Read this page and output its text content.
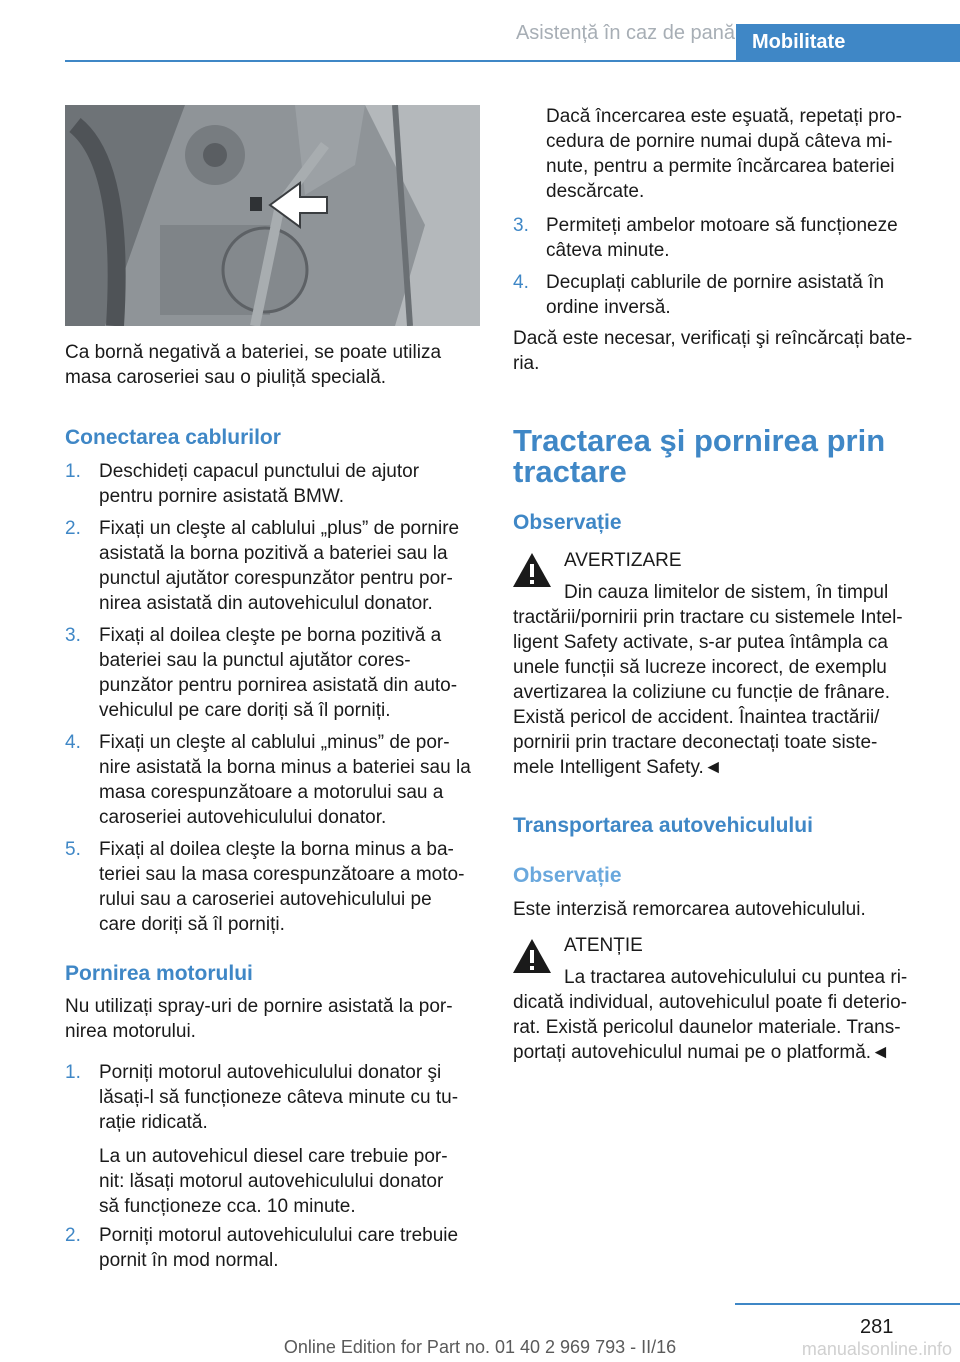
Asistență în caz de pană Mobilitate
Ca bornă negativă a bateriei, se poate utiliza
masa caroseriei sau o piuliță specială.
Conectarea cablurilor
1. Deschideți capacul punctului de ajutor
pentru pornire asistată BMW.
2. Fixați un cleşte al cablului „plus” de pornire
asistată la borna pozitivă a bateriei sau la
punctul ajutător corespunzător pentru por‐
nirea asistată din autovehiculul donator.
3. Fixați al doilea cleşte pe borna pozitivă a
bateriei sau la punctul ajutător cores‐
punzător pentru pornirea asistată din auto‐
vehiculul pe care doriți să îl porniți.
4. Fixați un cleşte al cablului „minus” de por‐
nire asistată la borna minus a bateriei sau la
masa corespunzătoare a motorului sau a
caroseriei autovehiculului donator.
5. Fixați al doilea cleşte la borna minus a ba‐
teriei sau la masa corespunzătoare a moto‐
rului sau a caroseriei autovehiculului pe
care doriți să îl porniți.
Pornirea motorului
Nu utilizați spray-uri de pornire asistată la por‐
nirea motorului.
1. Porniți motorul autovehiculului donator şi
lăsați-l să funcționeze câteva minute cu tu‐
rație ridicată.
La un autovehicul diesel care trebuie por‐
nit: lăsați motorul autovehiculului donator
să funcționeze cca. 10 minute.
2. Porniți motorul autovehiculului care trebuie
pornit în mod normal.
Dacă încercarea este eşuată, repetați pro‐
cedura de pornire numai după câteva mi‐
nute, pentru a permite încărcarea bateriei
descărcate.
3. Permiteți ambelor motoare să funcționeze
câteva minute.
4. Decuplați cablurile de pornire asistată în
ordine inversă.
Dacă este necesar, verificați şi reîncărcați bate‐
ria.
Tractarea şi pornirea prin
tractare
Observație
AVERTIZARE
Din cauza limitelor de sistem, în timpul
tractării/pornirii prin tractare cu sistemele Intel‐
ligent Safety activate, s-ar putea întâmpla ca
unele funcții să lucreze incorect, de exemplu
avertizarea la coliziune cu funcție de frânare.
Există pericol de accident. Înaintea tractării/
pornirii prin tractare deconectați toate siste‐
mele Intelligent Safety.◄
Transportarea autovehiculului
Observație
Este interzisă remorcarea autovehiculului.
ATENȚIE
La tractarea autovehiculului cu puntea ri‐
dicată individual, autovehiculul poate fi deterio‐
rat. Există pericolul daunelor materiale. Trans‐
portați autovehiculul numai pe o platformă.◄
281
Online Edition for Part no. 01 40 2 969 793 - II/16	manualsonline.info
